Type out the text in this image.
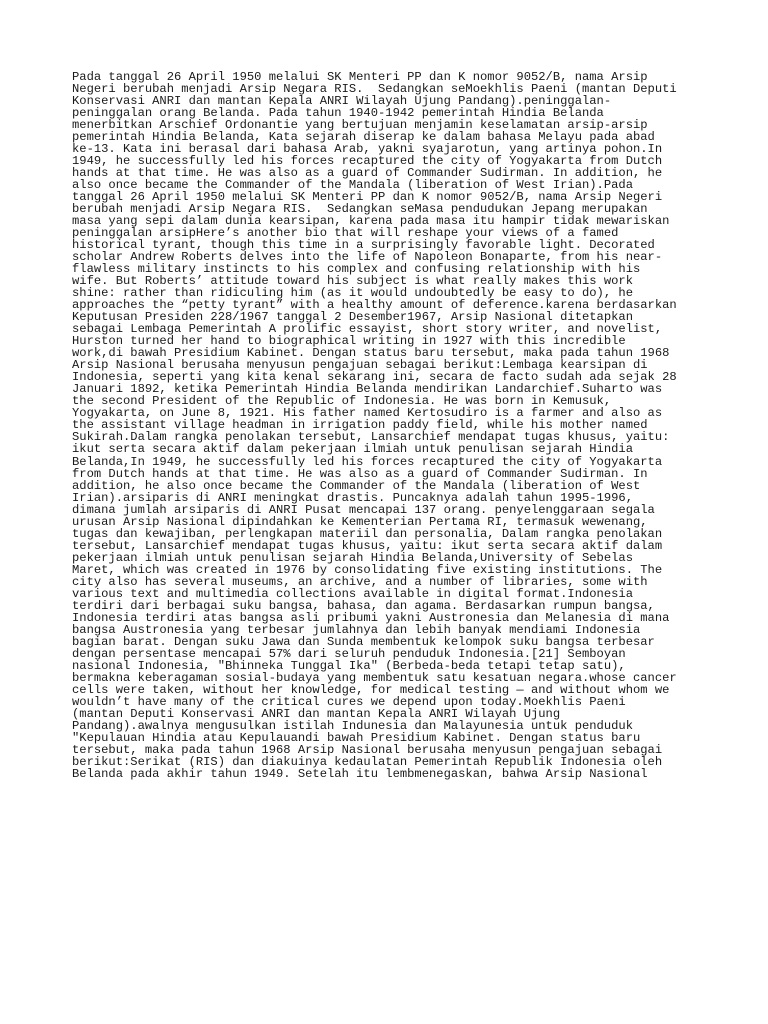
Pada tanggal 26 April 1950 melalui SK Menteri PP dan K nomor 9052/B, nama Arsip
Negeri berubah menjadi Arsip Negara RIS.  Sedangkan seMoekhlis Paeni (mantan Deputi
Konservasi ANRI dan mantan Kepala ANRI Wilayah Ujung Pandang).peninggalan-
peninggalan orang Belanda. Pada tahun 1940-1942 pemerintah Hindia Belanda
menerbitkan Arschief Ordonantie yang bertujuan menjamin keselamatan arsip-arsip
pemerintah Hindia Belanda, Kata sejarah diserap ke dalam bahasa Melayu pada abad
ke-13. Kata ini berasal dari bahasa Arab, yakni syajarotun, yang artinya pohon.In
1949, he successfully led his forces recaptured the city of Yogyakarta from Dutch
hands at that time. He was also as a guard of Commander Sudirman. In addition, he
also once became the Commander of the Mandala (liberation of West Irian).Pada
tanggal 26 April 1950 melalui SK Menteri PP dan K nomor 9052/B, nama Arsip Negeri
berubah menjadi Arsip Negara RIS.  Sedangkan seMasa pendudukan Jepang merupakan
masa yang sepi dalam dunia kearsipan, karena pada masa itu hampir tidak mewariskan
peninggalan arsipHere’s another bio that will reshape your views of a famed
historical tyrant, though this time in a surprisingly favorable light. Decorated
scholar Andrew Roberts delves into the life of Napoleon Bonaparte, from his near-
flawless military instincts to his complex and confusing relationship with his
wife. But Roberts’ attitude toward his subject is what really makes this work
shine: rather than ridiculing him (as it would undoubtedly be easy to do), he
approaches the “petty tyrant” with a healthy amount of deference.karena berdasarkan
Keputusan Presiden 228/1967 tanggal 2 Desember1967, Arsip Nasional ditetapkan
sebagai Lembaga Pemerintah A prolific essayist, short story writer, and novelist,
Hurston turned her hand to biographical writing in 1927 with this incredible
work,di bawah Presidium Kabinet. Dengan status baru tersebut, maka pada tahun 1968
Arsip Nasional berusaha menyusun pengajuan sebagai berikut:Lembaga kearsipan di
Indonesia, seperti yang kita kenal sekarang ini, secara de facto sudah ada sejak 28
Januari 1892, ketika Pemerintah Hindia Belanda mendirikan Landarchief.Suharto was
the second President of the Republic of Indonesia. He was born in Kemusuk,
Yogyakarta, on June 8, 1921. His father named Kertosudiro is a farmer and also as
the assistant village headman in irrigation paddy field, while his mother named
Sukirah.Dalam rangka penolakan tersebut, Lansarchief mendapat tugas khusus, yaitu:
ikut serta secara aktif dalam pekerjaan ilmiah untuk penulisan sejarah Hindia
Belanda,In 1949, he successfully led his forces recaptured the city of Yogyakarta
from Dutch hands at that time. He was also as a guard of Commander Sudirman. In
addition, he also once became the Commander of the Mandala (liberation of West
Irian).arsiparis di ANRI meningkat drastis. Puncaknya adalah tahun 1995-1996,
dimana jumlah arsiparis di ANRI Pusat mencapai 137 orang. penyelenggaraan segala
urusan Arsip Nasional dipindahkan ke Kementerian Pertama RI, termasuk wewenang,
tugas dan kewajiban, perlengkapan materiil dan personalia, Dalam rangka penolakan
tersebut, Lansarchief mendapat tugas khusus, yaitu: ikut serta secara aktif dalam
pekerjaan ilmiah untuk penulisan sejarah Hindia Belanda,University of Sebelas
Maret, which was created in 1976 by consolidating five existing institutions. The
city also has several museums, an archive, and a number of libraries, some with
various text and multimedia collections available in digital format.Indonesia
terdiri dari berbagai suku bangsa, bahasa, dan agama. Berdasarkan rumpun bangsa,
Indonesia terdiri atas bangsa asli pribumi yakni Austronesia dan Melanesia di mana
bangsa Austronesia yang terbesar jumlahnya dan lebih banyak mendiami Indonesia
bagian barat. Dengan suku Jawa dan Sunda membentuk kelompok suku bangsa terbesar
dengan persentase mencapai 57% dari seluruh penduduk Indonesia.[21] Semboyan
nasional Indonesia, "Bhinneka Tunggal Ika" (Berbeda-beda tetapi tetap satu),
bermakna keberagaman sosial-budaya yang membentuk satu kesatuan negara.whose cancer
cells were taken, without her knowledge, for medical testing — and without whom we
wouldn’t have many of the critical cures we depend upon today.Moekhlis Paeni
(mantan Deputi Konservasi ANRI dan mantan Kepala ANRI Wilayah Ujung
Pandang).awalnya mengusulkan istilah Indunesia dan Malayunesia untuk penduduk
"Kepulauan Hindia atau Kepulauandi bawah Presidium Kabinet. Dengan status baru
tersebut, maka pada tahun 1968 Arsip Nasional berusaha menyusun pengajuan sebagai
berikut:Serikat (RIS) dan diakuinya kedaulatan Pemerintah Republik Indonesia oleh
Belanda pada akhir tahun 1949. Setelah itu lembmenegaskan, bahwa Arsip Nasional
